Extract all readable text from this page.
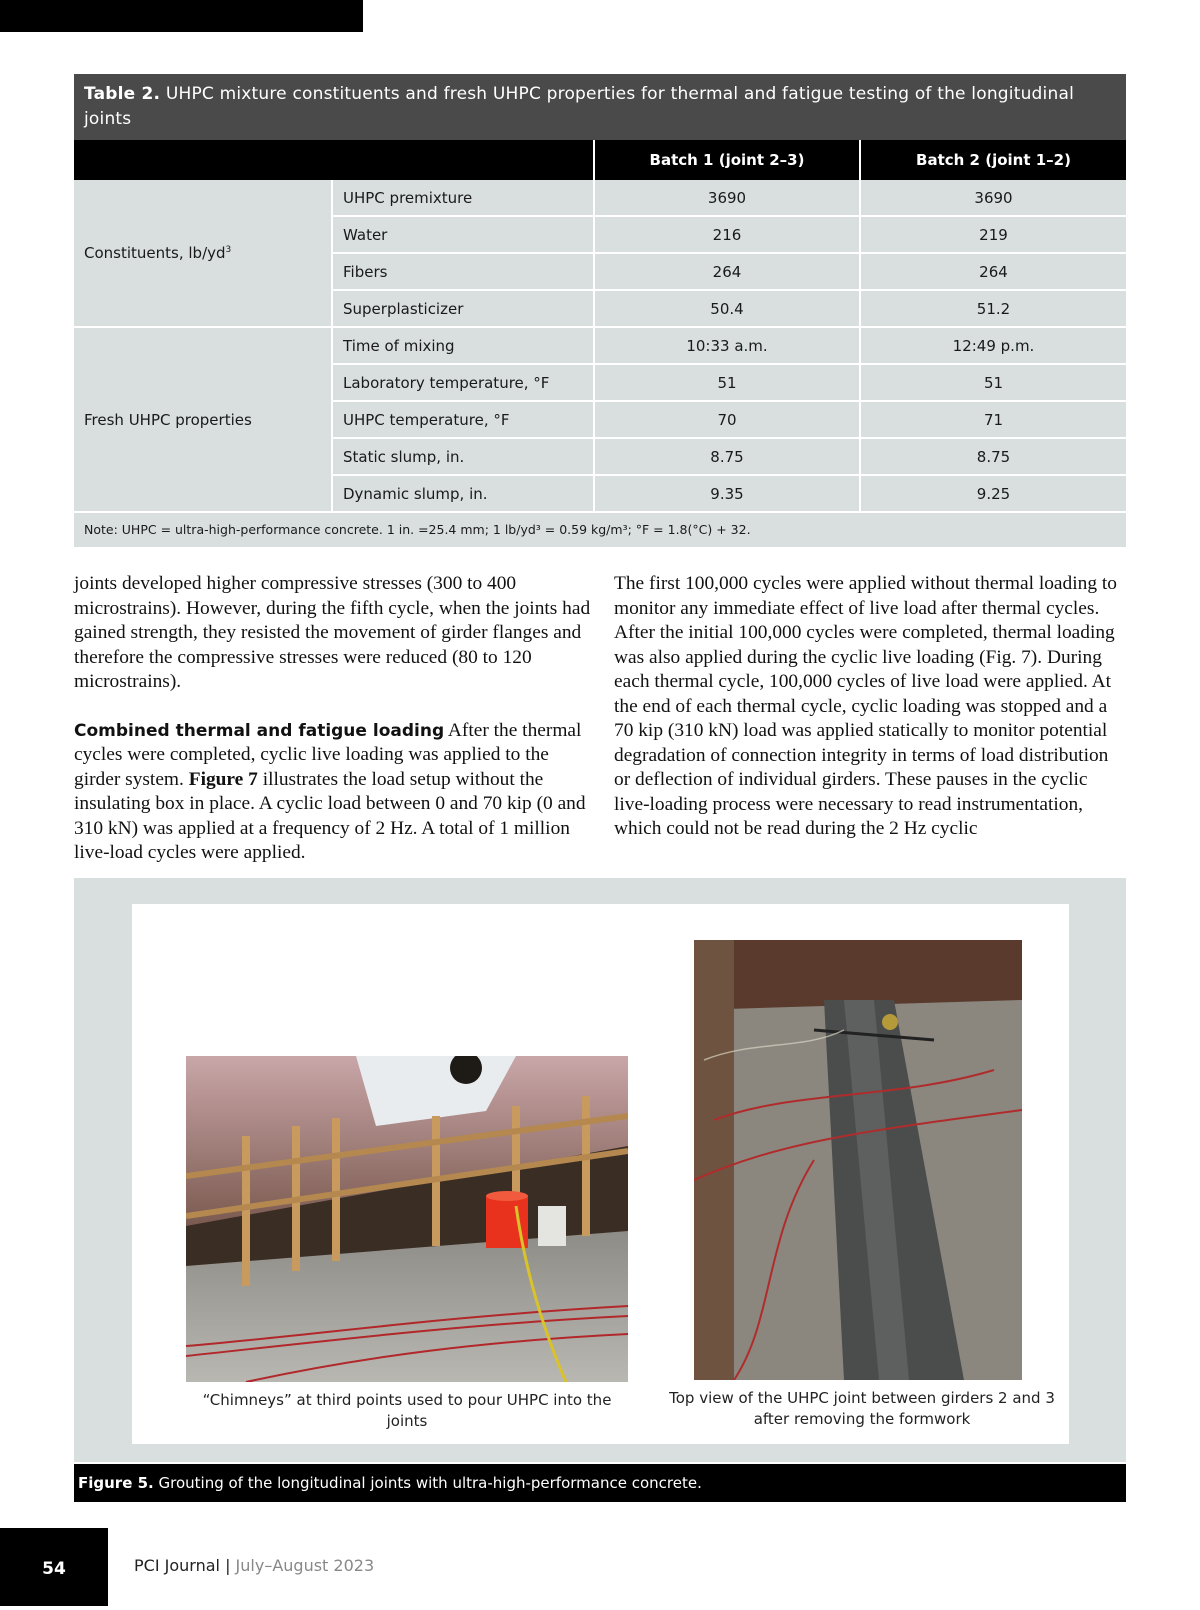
Table 2. UHPC mixture constituents and fresh UHPC properties for thermal and fatigue testing of the longitudinal joints
		Batch 1 (joint 2–3)	Batch 2 (joint 1–2)
Constituents, $lb/yd^3$	UHPC premixture	3690	3690
	Water	216	219
	Fibers	264	264
	Superplasticizer	50.4	51.2
Fresh UHPC properties	Time of mixing	10:33 a.m.	12:49 p.m.
	Laboratory temperature, °F	51	51
	UHPC temperature, °F	70	71
	Static slump, in.	8.75	8.75
	Dynamic slump, in.	9.35	9.25
Note: UHPC = ultra-high-performance concrete. 1 in. =25.4 mm; 1 lb/yd³ = 0.59 kg/m³; °F = 1.8(°C) + 32.

joints developed higher compressive stresses (300 to 400 microstrains). However, during the fifth cycle, when the joints had gained strength, they resisted the movement of girder flanges and therefore the compressive stresses were reduced (80 to 120 microstrains).

Combined thermal and fatigue loading After the thermal cycles were completed, cyclic live loading was applied to the girder system. Figure 7 illustrates the load setup without the insulating box in place. A cyclic load between 0 and 70 kip (0 and 310 kN) was applied at a frequency of 2 Hz. A total of 1 million live-load cycles were applied.

The first 100,000 cycles were applied without thermal loading to monitor any immediate effect of live load after thermal cycles. After the initial 100,000 cycles were completed, thermal loading was also applied during the cyclic live loading (Fig. 7). During each thermal cycle, 100,000 cycles of live load were applied. At the end of each thermal cycle, cyclic loading was stopped and a 70 kip (310 kN) load was applied statically to monitor potential degradation of connection integrity in terms of load distribution or deflection of individual girders. These pauses in the cyclic live-loading process were necessary to read instrumentation, which could not be read during the 2 Hz cyclic

“Chimneys” at third points used to pour UHPC into the joints
Top view of the UHPC joint between girders 2 and 3 after removing the formwork
Figure 5. Grouting of the longitudinal joints with ultra-high-performance concrete.
54	PCI Journal | July–August 2023
